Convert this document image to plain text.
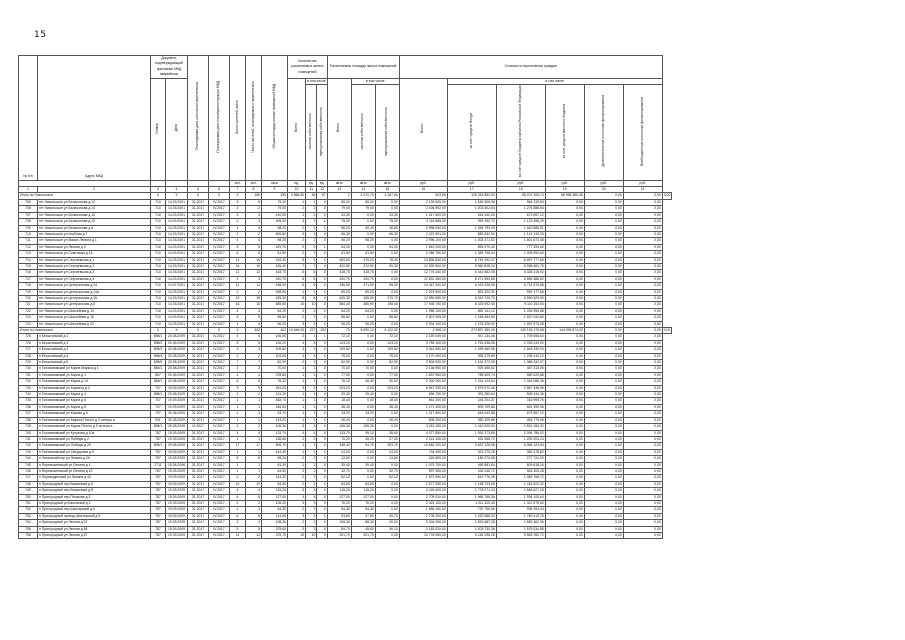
15
№ п/п	Адрес МКД	Документ, подтверждающий признание МКД аварийным		Планируемая дата окончания переселения	Планируемая дата сноса/реконструкции МКД	Число жителей, всего	Число жителей, планируемых к переселению	Общая площадь жилых помещений МКД	Количество расселяемых жилых помещений			Расселяемая площадь жилых помещений			Стоимость переселения граждан						
		Номер	Дата						Всего	в том числе		Всего	в том числе		Всего:	в том числе					
										частная собственность	муниципальная собственность		частная собственность	муниципальная собственность		за счет средств Фонда	за счет средств бюджета субъекта Российской Федерации	за счет средств местного бюджета	Дополнительные источники финансирования	Внебюджетные источники финансирования	
						чел.	чел.	кв.м	ед.	ед.	ед.	кв.м	кв.м	кв.м	руб.	руб.	руб.	руб.	руб.	руб.	
1	2	3	4	5	6	7	8	9	10	11	12	13	14	15	16	17	18	19	20	21	
Итого по Никольское		X	X	X	X	X	155	155	3 866,50	69	67	2	4 070,70	3 167,60	903,50	125 315 852,00	58 074 305,74	66 998 365,46	0,00	0,00	0,00
705	пгт Никольское ул Балахонова д 12	710	14.03.2001	31.2017	IV.2017	5	5	75,00	1	1	0	85,00	85,00	0,00	2 133 625,00	1 169 305,36	964 319,64	0,00	0,00	0,00	
706	пгт Никольское ул Балахонова д 14	710	14.03.2001	31.2017	IV.2017	2	2	79,00	2	2	0	79,00	79,00	0,00	2 406 992,00	1 003 502,84	1 276 886,54	0,00	0,00	0,00	
707	пгт Никольское ул Балахонова д 16	710	14.03.2001	31.2017	IV.2017	3	3	410,00	1	1	0	43,30	0,00	43,30	1 317 600,00	644 042,00	673 557,12	0,00	0,00	0,00	
708	пгт Никольское ул Балахонова д 19	710	14.03.2001	31.2017	IV.2017	2	3	405,00	3	2	1	75,00	0,00	75,00	2 116 865,00	992 392,72	1 123 458,29	0,00	0,00	0,00	
709	пгт Никольское ул Балахонова д 6	710	14.03.2001	31.2017	IV.2017	4	4	98,20	2	1	1	98,20	49,40	48,80	2 998 530,00	1 354 793,09	1 643 855,91	0,00	0,00	0,00	
710	пгт Никольское ул Клубная д 7	710	14.03.2001	31.2017	IV.2017	2	2	605,80	3	3	0	66,30	0,00	66,30	2 022 591,00	883 632,60	1 142 133,33	0,00	0,00	0,00	
711	пгт Никольское ул Маяке Ленина д 1	710	14.03.2001	31.2017	IV.2017	4	4	98,20	2	2	0	98,20	98,20	0,00	2 996 100,00	1 303 471,52	1 601 673,48	0,00	0,00	0,00	
712	пгт Никольское ул Лесная д 4	710	14.03.2001	31.2017	IV.2017	5	5	429,70	0	0	1	54,00	0,00	54,00	1 642 000,00	894 970,40	777 393,60	0,00	0,00	0,00	
713	пгт Никольское ул Советская д 18	710	14.03.2001	31.2017	IV.2017	6	6	81,50	2	2	0	81,50	81,50	0,00	2 486 750,00	1 083 795,44	1 405 950,60	0,00	0,00	0,00	
714	пгт Никольское ул Сергиевская д 1	710	14.03.2001	31.2017	IV.2017	11	16	425,30	5	5	0	453,50	375,20	78,30	13 836 830,00	6 781 092,47	6 657 777,66	0,00	0,00	0,00	
715	пгт Никольское ул Сергиевская д 2	710	14.03.2001	31.2017	IV.2017	16	16	425,40	7	7	0	422,80	372,50	50,30	12 900 500,00	5 962 818,24	6 938 681,76	0,00	0,00	0,00	
716	пгт Никольское ул Сергиевская д 3	710	14.03.2001	31.2017	IV.2017	12	12	418,70	6	6	0	418,70	418,70	0,00	12 778 340,00	6 442 682,08	6 328 315,92	0,00	0,00	0,00	
717	пгт Никольское ул Сергиевская д 4	710	14.03.2001	31.2017	IV.2017	9	9	420,70	6	6	0	420,70	420,70	0,00	12 831 350,00	6 271 962,88	6 559 388,52	0,00	0,00	0,00	
718	пгт Никольское ул Центральная д 24	710	14.07.2001	31.2017	IV.2017	11	11	436,00	6	6	0	436,00	371,00	65,00	13 347 000,00	6 431 028,05	6 714 970,68	0,00	0,00	0,00	
719	пгт Никольское ул Центральная д 24а	710	14.03.2001	31.2017	IV.2017	2	2	498,90	1	1	0	69,00	69,00	0,00	2 023 500,00	891 322,31	992 177,86	0,00	0,00	0,00	
720	пгт Никольское ул Центральная д 26	710	14.03.2001	31.2017	IV.2017	19	19	425,30	8	8	0	425,30	155,60	270,70	12 950 650,00	6 319 720,70	6 590 529,30	0,00	0,00	0,00	
721	пгт Никольское ул Центральная д 8	710	14.03.2001	31.2017	IV.2017	16	16	585,50	10	10	0	584,30	385,90	198,40	17 535 750,00	8 425 592,40	9 110 153,94	0,00	0,00	0,00	
722	пгт Никольское ул Шоссейная д 10	710	14.03.2001	31.2017	IV.2017	4	4	64,20	2	2	0	64,20	64,20	0,00	1 958 100,00	892 141,12	1 035 954,88	0,00	0,00	0,00	
723	пгт Никольское ул Шоссейная д 15	710	14.03.2001	31.2017	IV.2017	5	5	85,60	2	2	0	85,60	0,00	85,60	2 607 905,00	1 169 484,80	1 537 042,80	0,00	0,00	0,00	
724	пгт Никольское ул Шоссейная д 22	710	14.03.2001	31.2017	IV.2017	4	4	96,20	3	3	0	96,20	96,20	0,00	2 934 100,00	1 276 426,92	1 657 673,08	0,00	0,00	0,00	
Итого по Никольское		X	X	X	X	X	402	402	10 646,00	227	154	73	9 090,10	6 122,00	2 968,10	274 897 350,00	130 133 175,68	144 094 874,32	0,00	0,00	0,00
725	п Бесштанский д 1	898/1	20.08.2009	31.2017	IV.2017	4	4	106,50	2	1	1	72,10	0,00	72,10	2 169 049,00	947 134,36	1 709 658,64	0,00	0,00	0,00	
726	п Бесштанский д 2	898/2	20.08.2009	31.2017	IV.2017	5	5	126,20	4	4	0	124,20	0,00	124,20	3 789 100,00	1 761 636,08	2 033 243,92	0,00	0,00	0,00	
727	п Бесштанский д 3	898/3	20.08.2009	31.2017	IV.2017	3	3	109,60	3	3	0	109,60	0,00	109,60	3 342 800,00	1 499 460,96	1 843 339,04	0,00	0,00	0,00	
728	п Бесштанский д 4	898/4	20.08.2009	31.2017	IV.2017	2	2	103,00	4	4	0	75,00	0,00	75,00	2 170 400,00	936 379,60	1 238 410,12	0,00	0,00	0,00	
729	п Бесштанский д 5	898/5	20.08.2009	31.2017	IV.2017	7	7	82,90	2	2	0	82,90	0,00	82,90	2 504 920,00	1 151 372,05	1 368 932,07	0,00	0,00	0,00	
730	п Головановский ул Карла Маркса д 1	856/1	20.08.2009	31.2017	IV.2017	2	2	70,00	1	1	0	70,00	70,00	0,00	2 136 950,00	929 455,52	487 313,06	0,00	0,00	0,00	
731	п Головановский ул Карла д 1	857	20.08.2009	31.2017	IV.2017	4	4	378,60	1	1	0	77,90	0,00	77,90	1 837 950,00	785 509,74	550 022,88	0,00	0,00	0,00	
732	п Головановский ул Карла д 14	858/1	20.08.2009	31.2017	IV.2017	6	6	76,10	1	1	0	76,10	46,40	30,00	2 300 200,00	1 014 123,64	1 316 086,36	0,00	0,00	0,00	
733	п Головановский ул Кирпича д 2	707	19.09.2009	31.2017	IV.2017	9	9	451,20	3	3	0	224,10	0,00	224,10	6 847 290,00	2 975 572,06	2 567 436,90	0,00	0,00	0,00	
734	п Головановский ул Карла д 4	898/1	20.08.2009	31.2017	IV.2017	2	2	124,20	1	1	0	29,40	29,40	0,00	896 700,00	391 250,64	505 434,36	0,00	0,00	0,00	
735	п Головановский ул Карла д 6	707	19.09.2009	31.2017	IV.2017	1	1	468,70	1	1	0	18,40	0,00	18,40	561 200,00	244 204,37	316 995,76	0,00	0,00	0,00	
736	п Головановский ул Карла д 8	707	19.09.2009	31.2017	IV.2017	1	1	184,60	1	1	0	38,40	0,00	38,40	1 171 200,00	509 709,88	661 490,96	0,00	0,00	0,00	
737	п Головановский ул Кирова д 6	707	30.08.2005	31.2017	IV.2017	1	1	63,70	1	1	0	43,20	43,20	0,00	1 317 600,00	644 042,88	673 557,12	0,00	0,00	0,00	
738	п Головановский ул Маркса Пятого д 3 литера а	931	30.08.2009	31.2017	IV.2017	1	1	143,20	1	1	0	26,40	0,00	26,40	805 200,00	350 420,88	454 779,08	0,00	0,00	0,00	
739	п Головановский ул Карла Пятого д 5 литера а	898/1	29.08.2009	IX.2017	IV.2017	2	2	106,30	3	3	0	106,30	106,30	0,00	3 242 150,00	1 410 920,00	1 831 184,32	0,00	0,00	0,00	
740	п Головановский ул Кутузова д 10а	787	19.09.2009	31.2017	IV.2017	4	4	133,70	4	4	0	133,70	95,10	38,60	4 077 850,00	1 993 373,80	2 094 786,02	0,00	0,00	0,00	
741	п Головановский ул Победы д 2	787	19.09.2009	31.2017	IV.2017	1	1	136,60	2	2	0	70,20	45,20	27,00	2 141 100,00	931 968,72	1 209 203,24	0,00	0,00	0,00	
742	п Головановский ул Победы д 29	898/1	29.08.2009	31.2017	IV.2017	17	17	809,70	1	1	0	348,40	94,70	253,70	10 652 200,00	4 637 126,98	6 065 123,94	0,00	0,00	0,00	
743	п Головановский ул Свердлова д 5	787	19.09.2009	31.2017	IV.2017	1	1	414,40	1	1	0	24,00	0,00	24,00	734 450,00	321 270,28	382 278,82	0,00	0,00	0,00	
744	п Ленинский пер ул Ленина д 26	787	19.09.2009	31.2017	IV.2017	8	8	65,20	2	2	0	13,80	0,00	13,80	426 500,00	180 270,68	277 724,20	0,00	0,00	0,00	
745	п Перевозиннский ул Ленина д 4	2711	15.08.2006	31.2017	IV.2017	1	1	61,30	1	1	0	35,40	35,40	0,00	1 079 700,00	469 881,84	609 818,16	0,00	0,00	0,00	
746	п Перевозиннский ул Ленина д 19	787	19.09.2009	31.2017	IV.2017	1	1	64,50	2	2	0	32,70	0,00	32,70	997 350,00	434 046,72	563 303,28	0,00	0,00	0,00	
747	п Переводинский ул Ленина д 43	787	19.09.2009	31.2017	IV.2017	2	2	143,20	2	2	0	62,10	0,00	62,10	1 872 550,00	810 776,28	1 082 768,72	0,00	0,00	0,00	
748	п Пригородный пер Вишневый д 6	787	19.09.2009	31.2017	IV.2017	10	10	84,50	2	2	0	84,50	84,50	0,00	2 577 250,00	1 158 723,68	1 418 524,32	0,00	0,00	0,00	
749	п Пригородный пер Вишневый д 8	787	19.09.2009	31.2017	IV.2017	4	4	115,20	3	3	0	115,20	115,20	0,00	3 426 600,00	1 778 971,24	1 648 627,28	0,00	0,00	0,00	
750	п Пригородный пер Пешкова д 3	787	19.09.2009	31.2017	IV.2017	6	6	127,00	4	4	0	127,00	127,00	0,00	2 709 510,00	1 966 768,36	1 994 105,64	0,00	0,00	0,00	
751	п Пригородный ул Школьный д 2	787	19.09.2009	31.2017	IV.2017	2	2	106,30	3	3	0	76,20	76,20	0,00	2 324 100,00	1 011 420,40	1 312 679,60	0,00	0,00	0,00	
752	п Пригородный пер Шахтерский д 6	787	19.09.2009	31.2017	IV.2017	1	1	54,30	2	2	0	54,30	54,30	0,00	1 656 150,00	720 756,56	935 393,44	0,00	0,00	0,00	
753	п Пригородный проезд Шахтерский д 5	787	19.09.2009	31.2017	IV.2017	6	6	114,90	3	3	1	93,60	47,80	45,70	2 705 200,00	1 220 588,32	1 780 413,76	0,00	0,00	0,00	
754	п Пригородный ул Лесная д 57	787	19.09.2009	31.2017	IV.2017	3	3	108,30	2	2	0	108,30	88,30	20,00	3 304 050,00	1 620 687,28	1 683 362,96	0,00	0,00	0,00	
755	п Пригородный ул Лесная д 58	787	19.09.2009	31.2017	IV.2017	5	5	375,60	3	3	0	84,70	48,80	36,10	2 183 020,00	1 203 730,36	1 579 034,88	0,00	0,00	0,00	
756	п Пригородный ул Лесная д 67	787	19.09.2009	31.2017	IV.2017	14	14	375,70	10	10	0	301,70	301,70	0,00	10 778 950,00	5 245 298,28	5 563 769,72	0,00	0,00	0,00	
